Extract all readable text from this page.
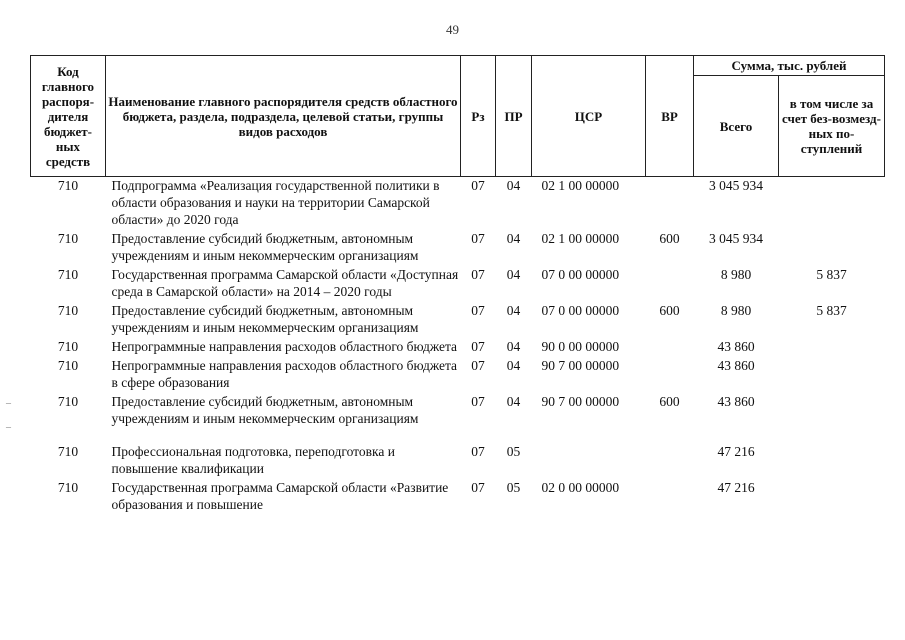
49
Код главного распоря-дителя бюджет-ных средств	Наименование главного распорядителя средств областного бюджета, раздела, подраздела, целевой статьи, группы видов расходов	Рз	ПР	ЦСР	ВР	Сумма, тыс. рублей	
						Всего	в том числе за счет без-возмезд-ных по-ступлений
710	Подпрограмма «Реализация государственной политики в области образования и науки на территории Самарской области» до 2020 года	07	04	02 1 00 00000		3 045 934	
710	Предоставление субсидий бюджетным, автономным учреждениям и иным некоммерческим организациям	07	04	02 1 00 00000	600	3 045 934	
710	Государственная программа Самарской области «Доступная среда в Самарской области» на 2014 – 2020 годы	07	04	07 0 00 00000		8 980	5 837
710	Предоставление субсидий бюджетным, автономным учреждениям и иным некоммерческим организациям	07	04	07 0 00 00000	600	8 980	5 837
710	Непрограммные направления расходов областного бюджета	07	04	90 0 00 00000		43 860	
710	Непрограммные направления расходов областного бюджета в сфере образования	07	04	90 7 00 00000		43 860	
710	Предоставление субсидий бюджетным, автономным учреждениям и иным некоммерческим организациям	07	04	90 7 00 00000	600	43 860	
710	Профессиональная подготовка, переподготовка и повышение квалификации	07	05			47 216	
710	Государственная программа Самарской области «Развитие образования и повышение	07	05	02 0 00 00000		47 216	
–

–
